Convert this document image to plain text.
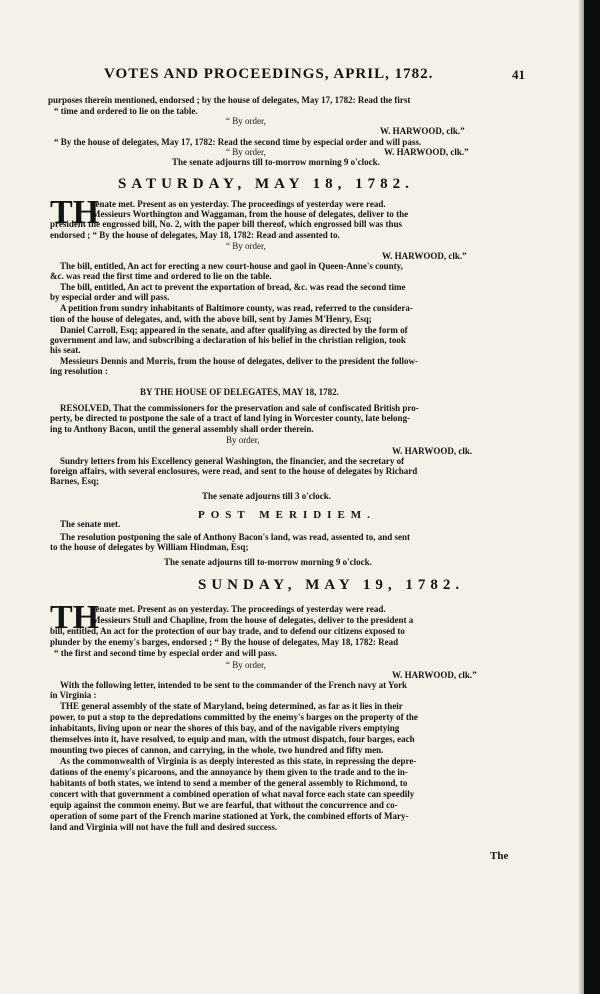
VOTES AND PROCEEDINGS, APRIL, 1782.	41
purposes therein mentioned, endorsed ; by the house of delegates, May 17, 1782: Read the first
“ time and ordered to lie on the table.
“ By order,
W. HARWOOD, clk.”
“ By the house of delegates, May 17, 1782: Read the second time by especial order and will pass.
“ By order,	W. HARWOOD, clk.”
The senate adjourns till to-morrow morning 9 o'clock.
SATURDAY, MAY 18, 1782.
senate met. Present as on yesterday. The proceedings of yesterday were read.
Messieurs Worthington and Waggaman, from the house of delegates, deliver to the
president the engrossed bill, No. 2, with the paper bill thereof, which engrossed bill was thus
endorsed ; “ By the house of delegates, May 18, 1782: Read and assented to.
“ By order,
W. HARWOOD, clk.”
The bill, entitled, An act for erecting a new court-house and gaol in Queen-Anne's county,
&c. was read the first time and ordered to lie on the table.
The bill, entitled, An act to prevent the exportation of bread, &c. was read the second time
by especial order and will pass.
A petition from sundry inhabitants of Baltimore county, was read, referred to the considera-
tion of the house of delegates, and, with the above bill, sent by James M'Henry, Esq;
Daniel Carroll, Esq; appeared in the senate, and after qualifying as directed by the form of
government and law, and subscribing a declaration of his belief in the christian religion, took
his seat.
Messieurs Dennis and Morris, from the house of delegates, deliver to the president the follow-
ing resolution :
BY THE HOUSE OF DELEGATES, MAY 18, 1782.
RESOLVED, That the commissioners for the preservation and sale of confiscated British pro-
perty, be directed to postpone the sale of a tract of land lying in Worcester county, late belong-
ing to Anthony Bacon, until the general assembly shall order therein.
By order,
W. HARWOOD, clk.
Sundry letters from his Excellency general Washington, the financier, and the secretary of
foreign affairs, with several enclosures, were read, and sent to the house of delegates by Richard
Barnes, Esq;
The senate adjourns till 3 o'clock.
POST MERIDIEM.
The senate met.
The resolution postponing the sale of Anthony Bacon's land, was read, assented to, and sent
to the house of delegates by William Hindman, Esq;
The senate adjourns till to-morrow morning 9 o'clock.
SUNDAY, MAY 19, 1782.
senate met. Present as on yesterday. The proceedings of yesterday were read.
Messieurs Stull and Chapline, from the house of delegates, deliver to the president a
bill, entitled, An act for the protection of our bay trade, and to defend our citizens exposed to
plunder by the enemy's barges, endorsed ; “ By the house of delegates, May 18, 1782: Read
“ the first and second time by especial order and will pass.
“ By order,
W. HARWOOD, clk.”
With the following letter, intended to be sent to the commander of the French navy at York
in Virginia :
THE general assembly of the state of Maryland, being determined, as far as it lies in their
power, to put a stop to the depredations committed by the enemy's barges on the property of the
inhabitants, living upon or near the shores of this bay, and of the navigable rivers emptying
themselves into it, have resolved, to equip and man, with the utmost dispatch, four barges, each
mounting two pieces of cannon, and carrying, in the whole, two hundred and fifty men.
As the commonwealth of Virginia is as deeply interested as this state, in repressing the depre-
dations of the enemy's picaroons, and the annoyance by them given to the trade and to the in-
habitants of both states, we intend to send a member of the general assembly to Richmond, to
concert with that government a combined operation of what naval force each state can speedily
equip against the common enemy. But we are fearful, that without the concurrence and co-
operation of some part of the French marine stationed at York, the combined efforts of Mary-
land and Virginia will not have the full and desired success.
TH
TH
The
